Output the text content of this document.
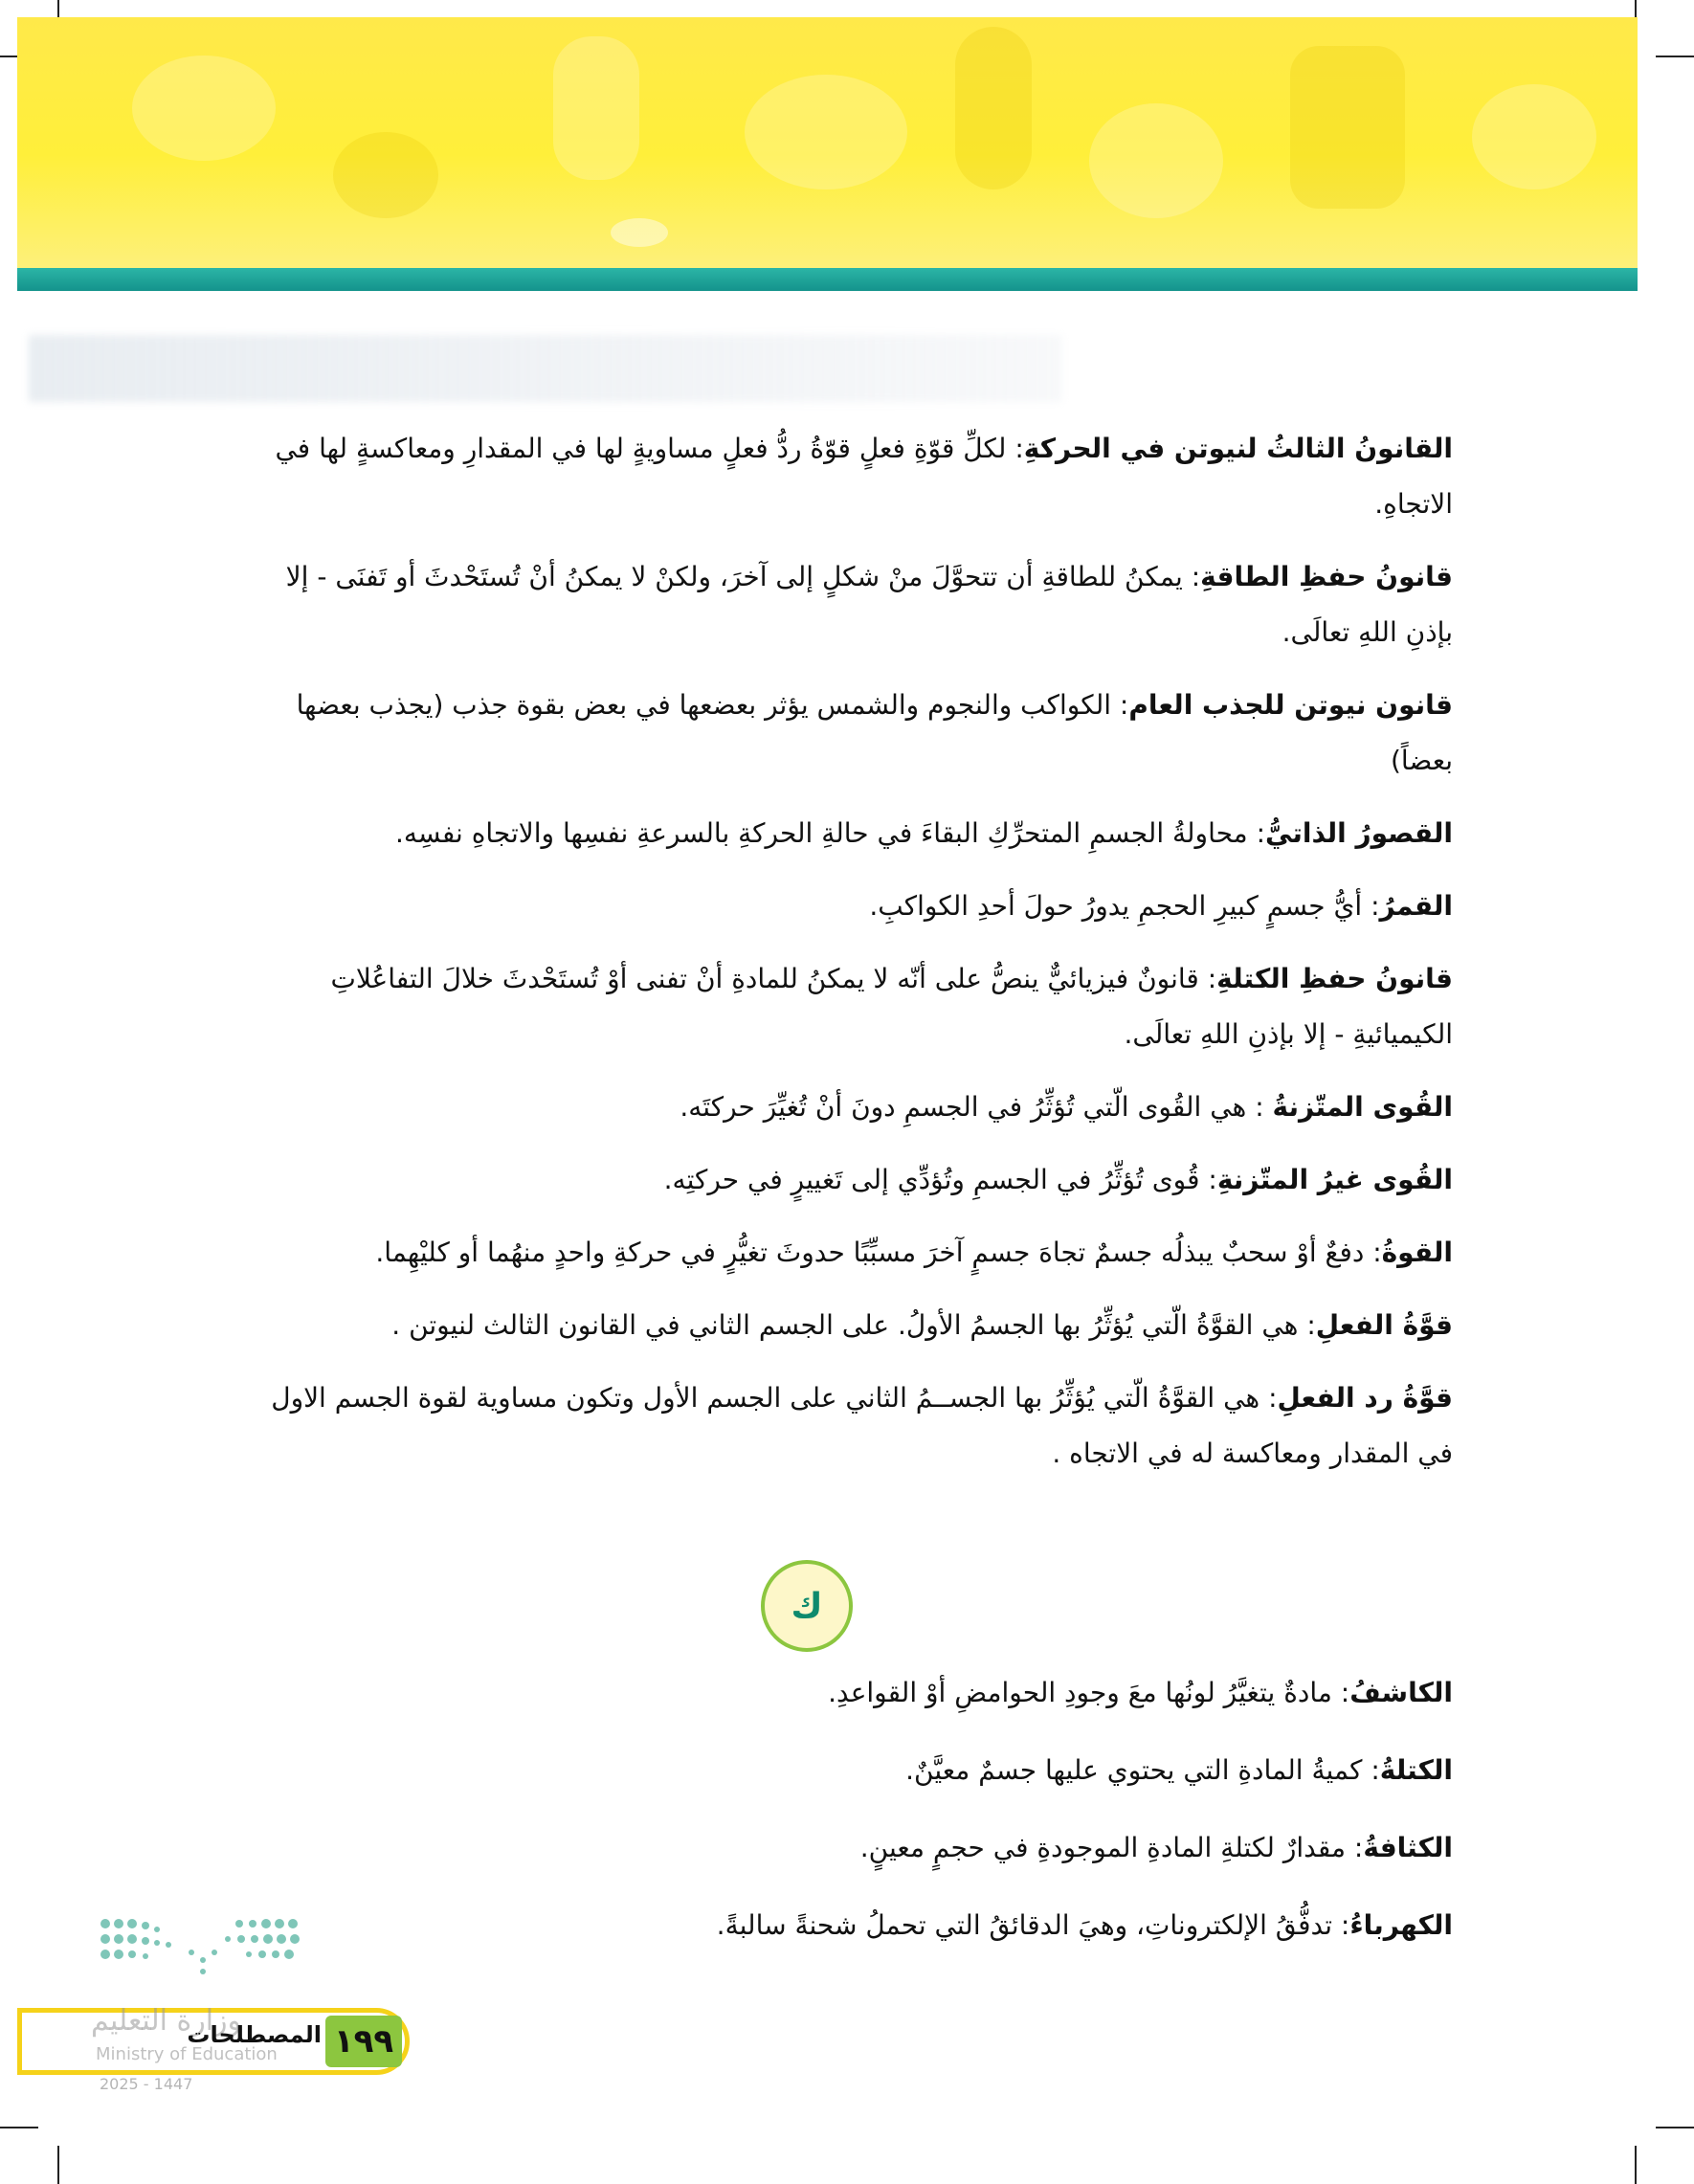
القانونُ الثالثُ لنيوتن في الحركةِ: لكلِّ قوّةِ فعلٍ قوّةُ ردُّ فعلٍ مساويةٍ لها في المقدارِ ومعاكسةٍ لها في الاتجاهِ.
قانونُ حفظِ الطاقةِ: يمكنُ للطاقةِ أن تتحوَّلَ منْ شكلٍ إلى آخرَ، ولكنْ لا يمكنُ أنْ تُستَحْدثَ أو تَفنَى - إلا بإذنِ اللهِ تعالَى.
قانون نيوتن للجذب العام: الكواكب والنجوم والشمس يؤثر بعضعها في بعض بقوة جذب (يجذب بعضها بعضاً)
القصورُ الذاتيُّ: محاولةُ الجسمِ المتحرِّكِ البقاءَ في حالةِ الحركةِ بالسرعةِ نفسِها والاتجاهِ نفسِه.
القمرُ: أيُّ جسمٍ كبيرِ الحجمِ يدورُ حولَ أحدِ الكواكبِ.
قانونُ حفظِ الكتلةِ: قانونٌ فيزيائيٌّ ينصُّ على أنّه لا يمكنُ للمادةِ أنْ تفنى أوْ تُستَحْدثَ خلالَ التفاعُلاتِ الكيميائيةِ - إلا بإذنِ اللهِ تعالَى.
القُوى المتّزنةُ : هي القُوى الّتي تُؤثِّرُ في الجسمِ دونَ أنْ تُغيِّرَ حركتَه.
القُوى غيرُ المتّزنةِ: قُوى تُؤثِّرُ في الجسمِ وتُؤدِّي إلى تَغييرٍ في حركتِه.
القوةُ: دفعٌ أوْ سحبٌ يبذلُه جسمٌ تجاهَ جسمٍ آخرَ مسبِّبًا حدوثَ تغيُّرٍ في حركةِ واحدٍ منهُما أو كليْهِما.
قوَّةُ الفعلِ: هي القوَّةُ الّتي يُؤثِّرُ بها الجسمُ الأولُ. على الجسم الثاني في القانون الثالث لنيوتن .
قوَّةُ رد الفعلِ: هي القوَّةُ الّتي يُؤثِّرُ بها الجســمُ الثاني على الجسم الأول وتكون مساوية لقوة الجسم الاول في المقدار ومعاكسة له في الاتجاه .
ك
الكاشفُ: مادةٌ يتغيَّرُ لونُها معَ وجودِ الحوامضِ أوْ القواعدِ.
الكتلةُ: كميةُ المادةِ التي يحتوي عليها جسمٌ معيَّنٌ.
الكثافةُ: مقدارٌ لكتلةِ المادةِ الموجودةِ في حجمٍ معينٍ.
الكهرباءُ: تدفُّقُ الإلكتروناتِ، وهيَ الدقائقُ التي تحملُ شحنةً سالبةً.
وزارة التعليم
Ministry of Education
2025 - 1447
المصطلحات ١٩٩
